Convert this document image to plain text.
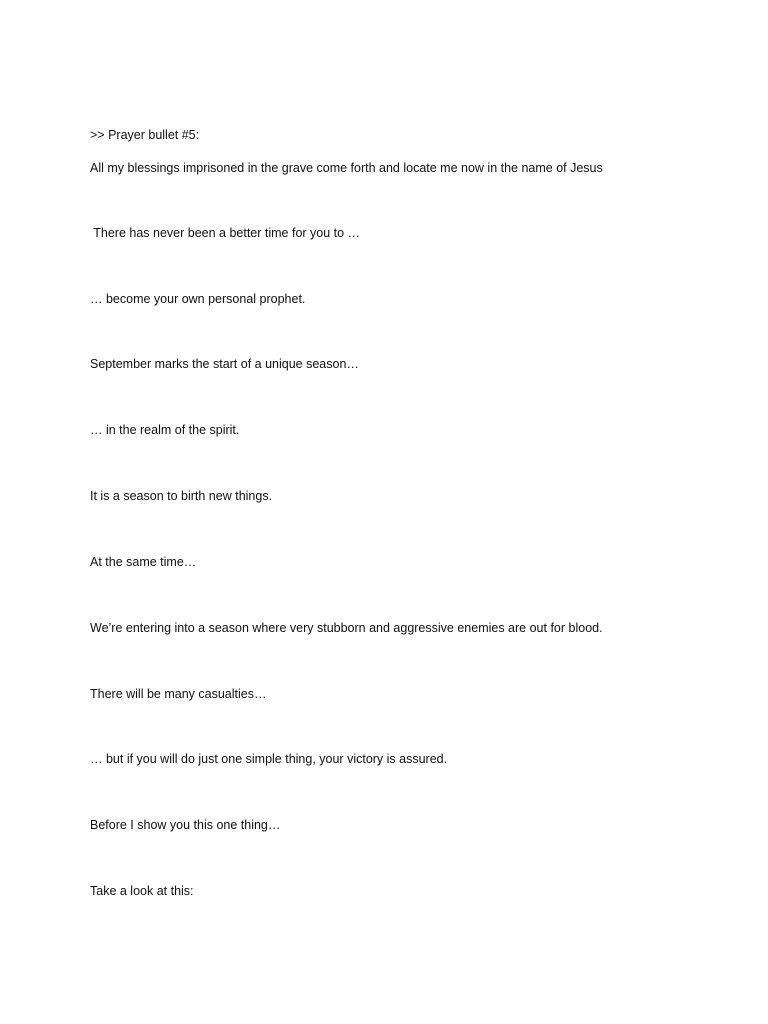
>> Prayer bullet #5:
All my blessings imprisoned in the grave come forth and locate me now in the name of Jesus
There has never been a better time for you to …
… become your own personal prophet.
September marks the start of a unique season…
… in the realm of the spirit.
It is a season to birth new things.
At the same time…
We’re entering into a season where very stubborn and aggressive enemies are out for blood.
There will be many casualties…
… but if you will do just one simple thing, your victory is assured.
Before I show you this one thing…
Take a look at this:
